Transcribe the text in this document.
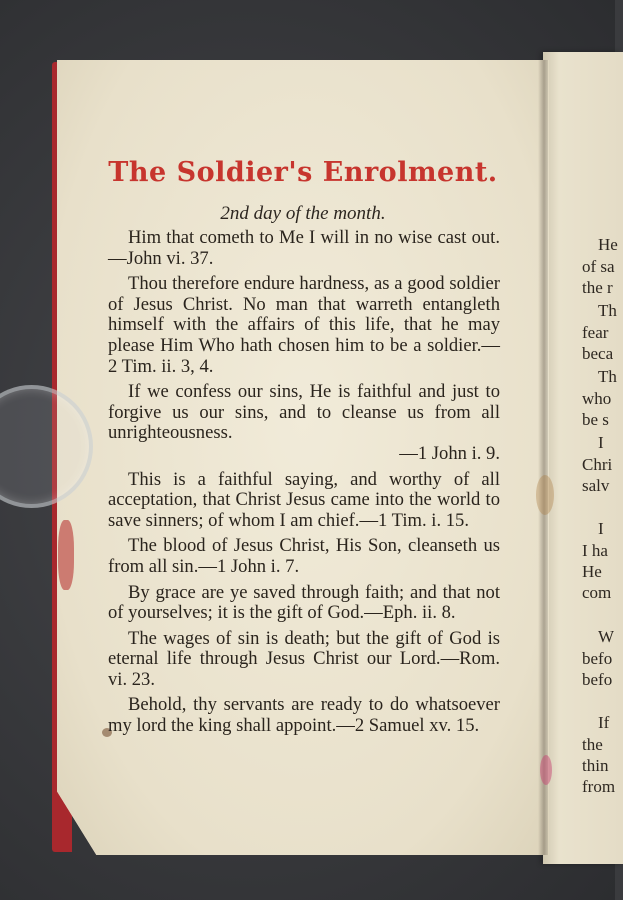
The Soldier's Enrolment.
2nd day of the month.

Him that cometh to Me I will in no wise cast out.—John vi. 37.

Thou therefore endure hardness, as a good soldier of Jesus Christ. No man that warreth entangleth himself with the affairs of this life, that he may please Him Who hath chosen him to be a soldier.—2 Tim. ii. 3, 4.

If we confess our sins, He is faithful and just to forgive us our sins, and to cleanse us from all unrighteousness.

—1 John i. 9.

This is a faithful saying, and worthy of all acceptation, that Christ Jesus came into the world to save sinners; of whom I am chief.—1 Tim. i. 15.

The blood of Jesus Christ, His Son, cleanseth us from all sin.—1 John i. 7.

By grace are ye saved through faith; and that not of yourselves; it is the gift of God.—Eph. ii. 8.

The wages of sin is death; but the gift of God is eternal life through Jesus Christ our Lord.—Rom. vi. 23.

Behold, thy servants are ready to do whatsoever my lord the king shall appoint.—2 Samuel xv. 15.

He
of sa
the r
Th
fear
beca
Th
who
be s
I
Chri
salv
I
I ha
He
com
W
befo
befo
If
the
thin
from
